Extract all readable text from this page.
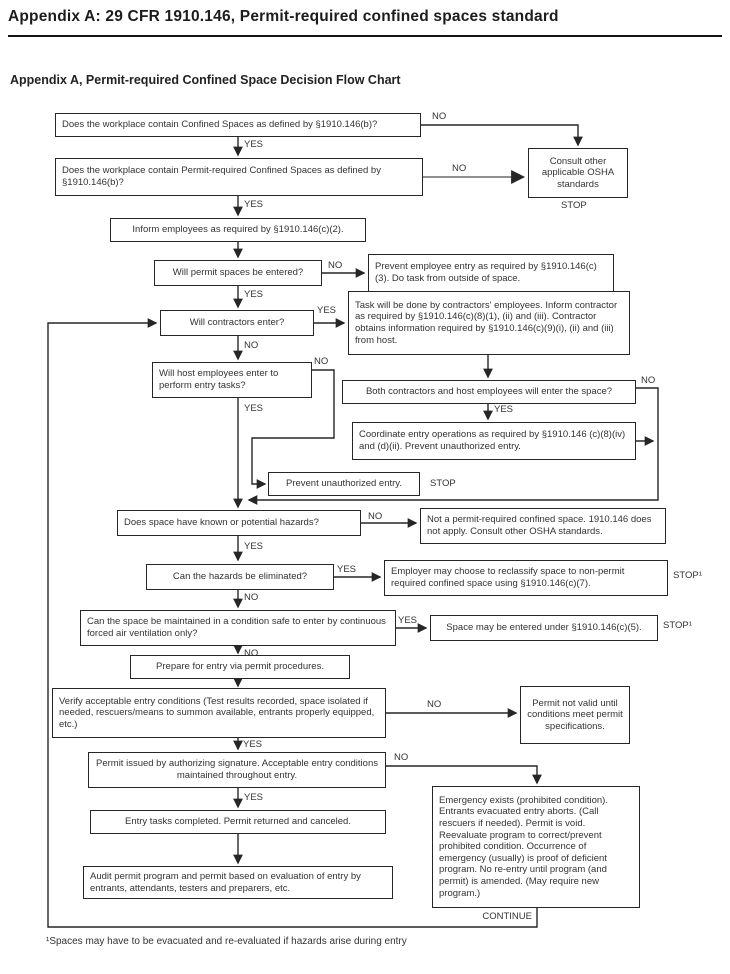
Appendix A: 29 CFR 1910.146, Permit-required confined spaces standard
Appendix A, Permit-required Confined Space Decision Flow Chart
Does the workplace contain Confined Spaces as defined by §1910.146(b)?
Consult other applicable OSHA standards
Does the workplace contain Permit-required Confined Spaces as defined by §1910.146(b)?
Inform employees as required by §1910.146(c)(2).
Will permit spaces be entered?
Prevent employee entry as required by §1910.146(c)(3). Do task from outside of space.
Will contractors enter?
Task will be done by contractors' employees. Inform contractor as required by §1910.146(c)(8)(1), (ii) and (iii). Contractor obtains information required by §1910.146(c)(9)(i), (ii) and (iii) from host.
Will host employees enter to perform entry tasks?
Both contractors and host employees will enter the space?
Coordinate entry operations as required by §1910.146 (c)(8)(iv) and (d)(ii). Prevent unauthorized entry.
Prevent unauthorized entry.
Does space have known or potential hazards?	Not a permit-required confined space. 1910.146 does not apply. Consult other OSHA standards.
Can the hazards be eliminated?	Employer may choose to reclassify space to non-permit required confined space using §1910.146(c)(7).
Can the space be maintained in a condition safe to enter by continuous forced air ventilation only?
Space may be entered under §1910.146(c)(5).
Prepare for entry via permit procedures.
Verify acceptable entry conditions (Test results recorded, space isolated if needed, rescuers/means to summon available, entrants properly equipped, etc.)
Permit not valid until conditions meet permit specifications.
Permit issued by authorizing signature. Acceptable entry conditions maintained throughout entry.
Emergency exists (prohibited condition). Entrants evacuated entry aborts. (Call rescuers if needed). Permit is void. Reevaluate program to correct/prevent prohibited condition. Occurrence of emergency (usually) is proof of deficient program. No re-entry until program (and permit) is amended. (May require new program.)
Entry tasks completed. Permit returned and canceled.
Audit permit program and permit based on evaluation of entry by entrants, attendants, testers and preparers, etc.
YES
NO
NO
STOP
YES
NO
YES
YES
NO
NO
YES
NO
YES
STOP
NO
YES
YES
STOP¹
NO
YES	STOP¹
NO
NO
YES
NO
YES
CONTINUE
¹Spaces may have to be evacuated and re-evaluated if hazards arise during entry
